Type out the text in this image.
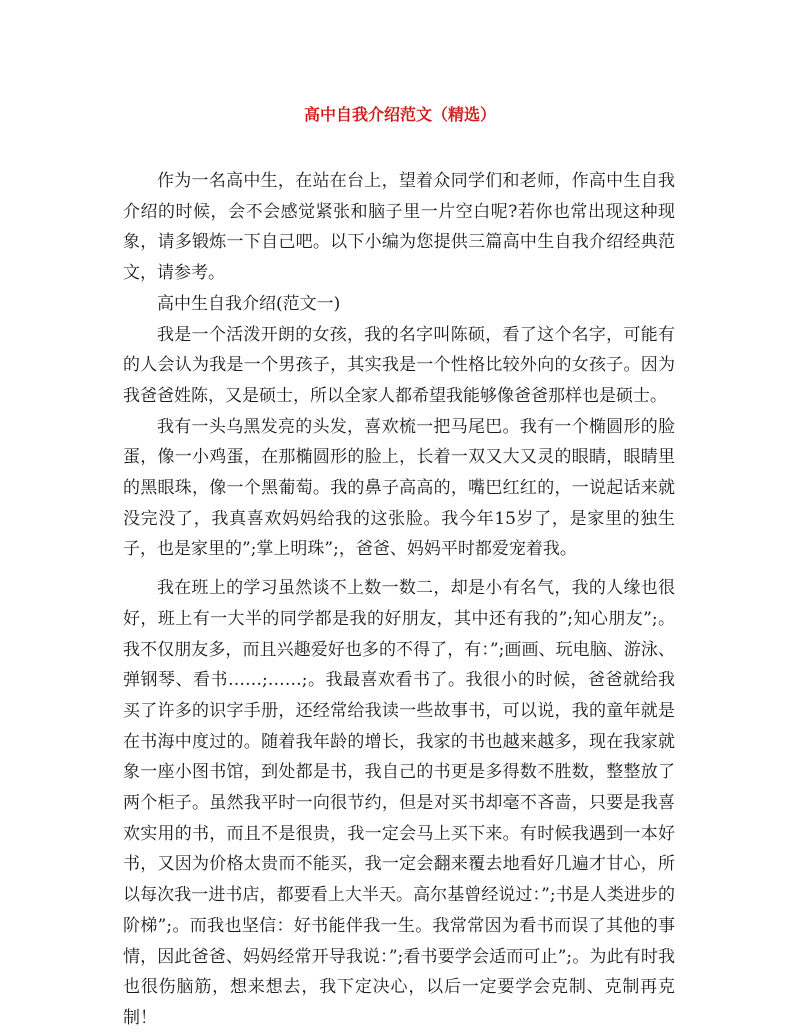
高中自我介绍范文（精选）

作为一名高中生，在站在台上，望着众同学们和老师，作高中生自我介绍的时候，会不会感觉紧张和脑子里一片空白呢?若你也常出现这种现象，请多锻炼一下自己吧。以下小编为您提供三篇高中生自我介绍经典范文，请参考。

高中生自我介绍(范文一)

我是一个活泼开朗的女孩，我的名字叫陈硕，看了这个名字，可能有的人会认为我是一个男孩子，其实我是一个性格比较外向的女孩子。因为我爸爸姓陈，又是硕士，所以全家人都希望我能够像爸爸那样也是硕士。

我有一头乌黑发亮的头发，喜欢梳一把马尾巴。我有一个椭圆形的脸蛋，像一小鸡蛋，在那椭圆形的脸上，长着一双又大又灵的眼睛，眼睛里的黑眼珠，像一个黑葡萄。我的鼻子高高的，嘴巴红红的，一说起话来就没完没了，我真喜欢妈妈给我的这张脸。我今年15岁了，是家里的独生子，也是家里的”;掌上明珠”;，爸爸、妈妈平时都爱宠着我。

我在班上的学习虽然谈不上数一数二，却是小有名气，我的人缘也很好，班上有一大半的同学都是我的好朋友，其中还有我的”;知心朋友”;。我不仅朋友多，而且兴趣爱好也多的不得了，有：”;画画、玩电脑、游泳、弹钢琴、看书……;……;。我最喜欢看书了。我很小的时候，爸爸就给我买了许多的识字手册，还经常给我读一些故事书，可以说，我的童年就是在书海中度过的。随着我年龄的增长，我家的书也越来越多，现在我家就象一座小图书馆，到处都是书，我自己的书更是多得数不胜数，整整放了两个柜子。虽然我平时一向很节约，但是对买书却毫不吝啬，只要是我喜欢实用的书，而且不是很贵，我一定会马上买下来。有时候我遇到一本好书，又因为价格太贵而不能买，我一定会翻来覆去地看好几遍才甘心，所以每次我一进书店，都要看上大半天。高尔基曾经说过：”;书是人类进步的阶梯”;。而我也坚信：好书能伴我一生。我常常因为看书而误了其他的事情，因此爸爸、妈妈经常开导我说：”;看书要学会适而可止”;。为此有时我也很伤脑筋，想来想去，我下定决心，以后一定要学会克制、克制再克制！
